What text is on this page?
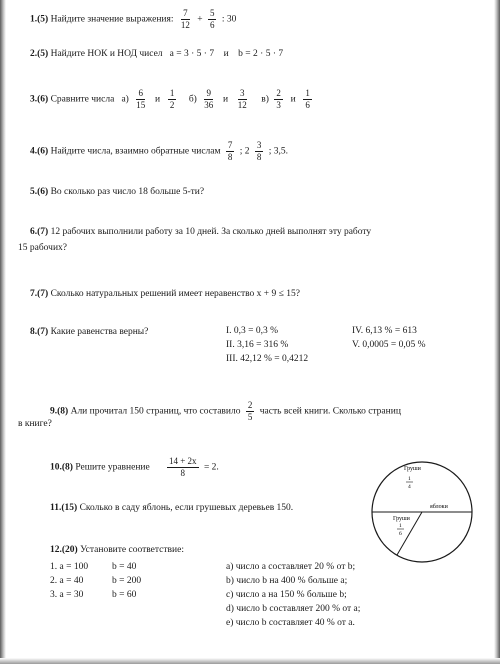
1.(5) Найдите значение выражения: $\frac{7}{12} + \frac{5}{6}$ : 30
2.(5) Найдите НОК и НОД чисел a = 3 · 5 · 7 и b = 2 · 5 · 7
3.(6) Сравните числа $а) \frac{6}{15}$ и $\frac{1}{2} б) \frac{9}{36}$ и $\frac{3}{12} в) \frac{2}{3}$ и $\frac{1}{6}$
4.(6) Найдите числа, взаимно обратные числам $\frac{7}{8}$ ; $2 \frac{3}{8}$ ; 3,5.
5.(6) Во сколько раз число 18 больше 5-ти?
6.(7) 12 рабочих выполнили работу за 10 дней. За сколько дней выполнят эту работу
15 рабочих?
7.(7) Сколько натуральных решений имеет неравенство x + 9 ≤ 15?
8.(7) Какие равенства верны?	I. 0,3 = 0,3 %
II. 3,16 = 316 %
III. 42,12 % = 0,4212
IV. 6,13 % = 613
V. 0,0005 = 0,05 %
9.(8) Али прочитал 150 страниц, что составило $\frac{2}{5}$ часть всей книги. Сколько страниц
в книге?
10.(8) Решите уравнение $\frac{14 + 2x}{8} = 2$.	Груши
1
4
яблоки
Груши
1
6
11.(15) Сколько в саду яблонь, если грушевых деревьев 150.
12.(20) Установите соответствие:
1. a = 100
2. a = 40
3. a = 30
b = 40
b = 200
b = 60
a) число a составляет 20 % от b;
b) число b на 400 % больше a;
c) число a на 150 % больше b;
d) число b составляет 200 % от a;
e) число b составляет 40 % от a.
